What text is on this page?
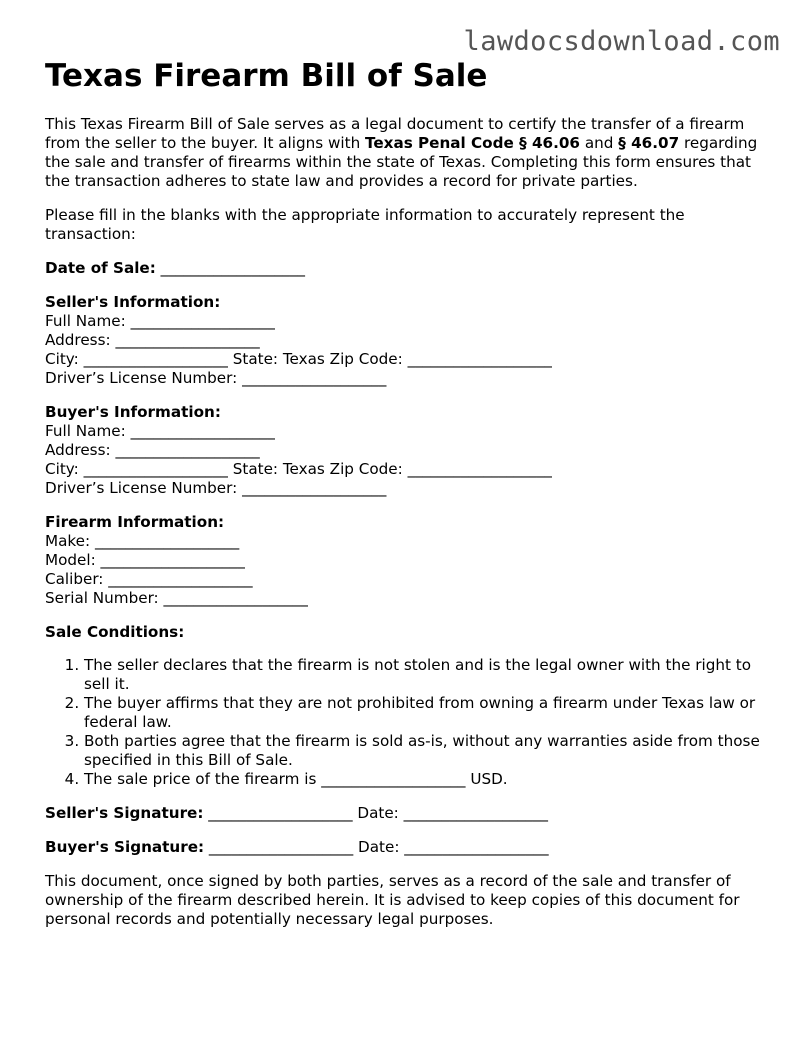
lawdocsdownload.com
Texas Firearm Bill of Sale

This Texas Firearm Bill of Sale serves as a legal document to certify the transfer of a firearm from the seller to the buyer. It aligns with Texas Penal Code § 46.06 and § 46.07 regarding the sale and transfer of firearms within the state of Texas. Completing this form ensures that the transaction adheres to state law and provides a record for private parties.

Please fill in the blanks with the appropriate information to accurately represent the transaction:

Date of Sale: ___________________
Seller's Information:
Full Name: ___________________
Address: ___________________
City: ___________________ State: Texas Zip Code: ___________________
Driver’s License Number: ___________________
Buyer's Information:
Full Name: ___________________
Address: ___________________
City: ___________________ State: Texas Zip Code: ___________________
Driver’s License Number: ___________________
Firearm Information:
Make: ___________________
Model: ___________________
Caliber: ___________________
Serial Number: ___________________
Sale Conditions:
1. The seller declares that the firearm is not stolen and is the legal owner with the right to sell it.
2. The buyer affirms that they are not prohibited from owning a firearm under Texas law or federal law.
3. Both parties agree that the firearm is sold as-is, without any warranties aside from those specified in this Bill of Sale.
4. The sale price of the firearm is ___________________ USD.
Seller's Signature: ___________________ Date: ___________________
Buyer's Signature: ___________________ Date: ___________________

This document, once signed by both parties, serves as a record of the sale and transfer of ownership of the firearm described herein. It is advised to keep copies of this document for personal records and potentially necessary legal purposes.
